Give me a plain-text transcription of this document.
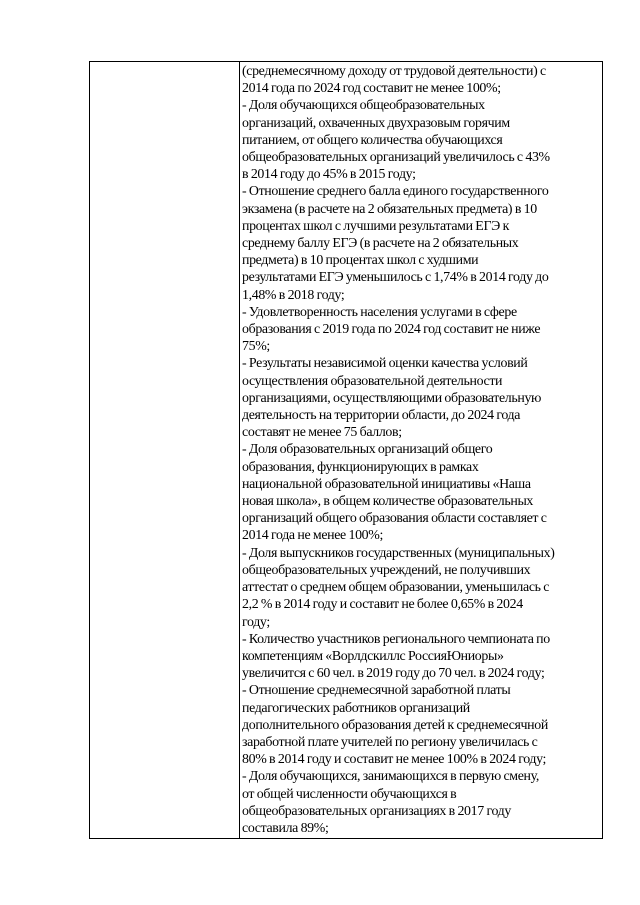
(среднемесячному доходу от трудовой деятельности) с

2014 года по 2024 год составит не менее 100%;

- Доля обучающихся общеобразовательных

организаций, охваченных двухразовым горячим

питанием, от общего количества обучающихся

общеобразовательных организаций увеличилось с 43%

в 2014 году до 45% в 2015 году;

- Отношение среднего балла единого государственного

экзамена (в расчете на 2 обязательных предмета) в 10

процентах школ с лучшими результатами ЕГЭ к

среднему баллу ЕГЭ (в расчете на 2 обязательных

предмета) в 10 процентах школ с худшими

результатами ЕГЭ уменьшилось с 1,74% в 2014 году до

1,48% в 2018 году;

- Удовлетворенность населения услугами в сфере

образования с 2019 года по 2024 год составит не ниже

75%;

- Результаты независимой оценки качества условий

осуществления образовательной деятельности

организациями, осуществляющими образовательную

деятельность на территории области, до 2024 года

составят не менее 75 баллов;

- Доля образовательных организаций общего

образования, функционирующих в рамках

национальной образовательной инициативы «Наша

новая школа», в общем количестве образовательных

организаций общего образования области составляет с

2014 года не менее 100%;

- Доля выпускников государственных (муниципальных)

общеобразовательных учреждений, не получивших

аттестат о среднем общем образовании, уменьшилась с

2,2 % в 2014 году и составит не более 0,65% в 2024

году;

- Количество участников регионального чемпионата по

компетенциям «Ворлдскиллс РоссияЮниоры»

увеличится с 60 чел. в 2019 году до 70 чел. в 2024 году;

- Отношение среднемесячной заработной платы

педагогических работников организаций

дополнительного образования детей к среднемесячной

заработной плате учителей по региону увеличилась с

80% в 2014 году и составит не менее 100% в 2024 году;

- Доля обучающихся, занимающихся в первую смену,

от общей численности обучающихся в

общеобразовательных организациях в 2017 году

составила 89%;
